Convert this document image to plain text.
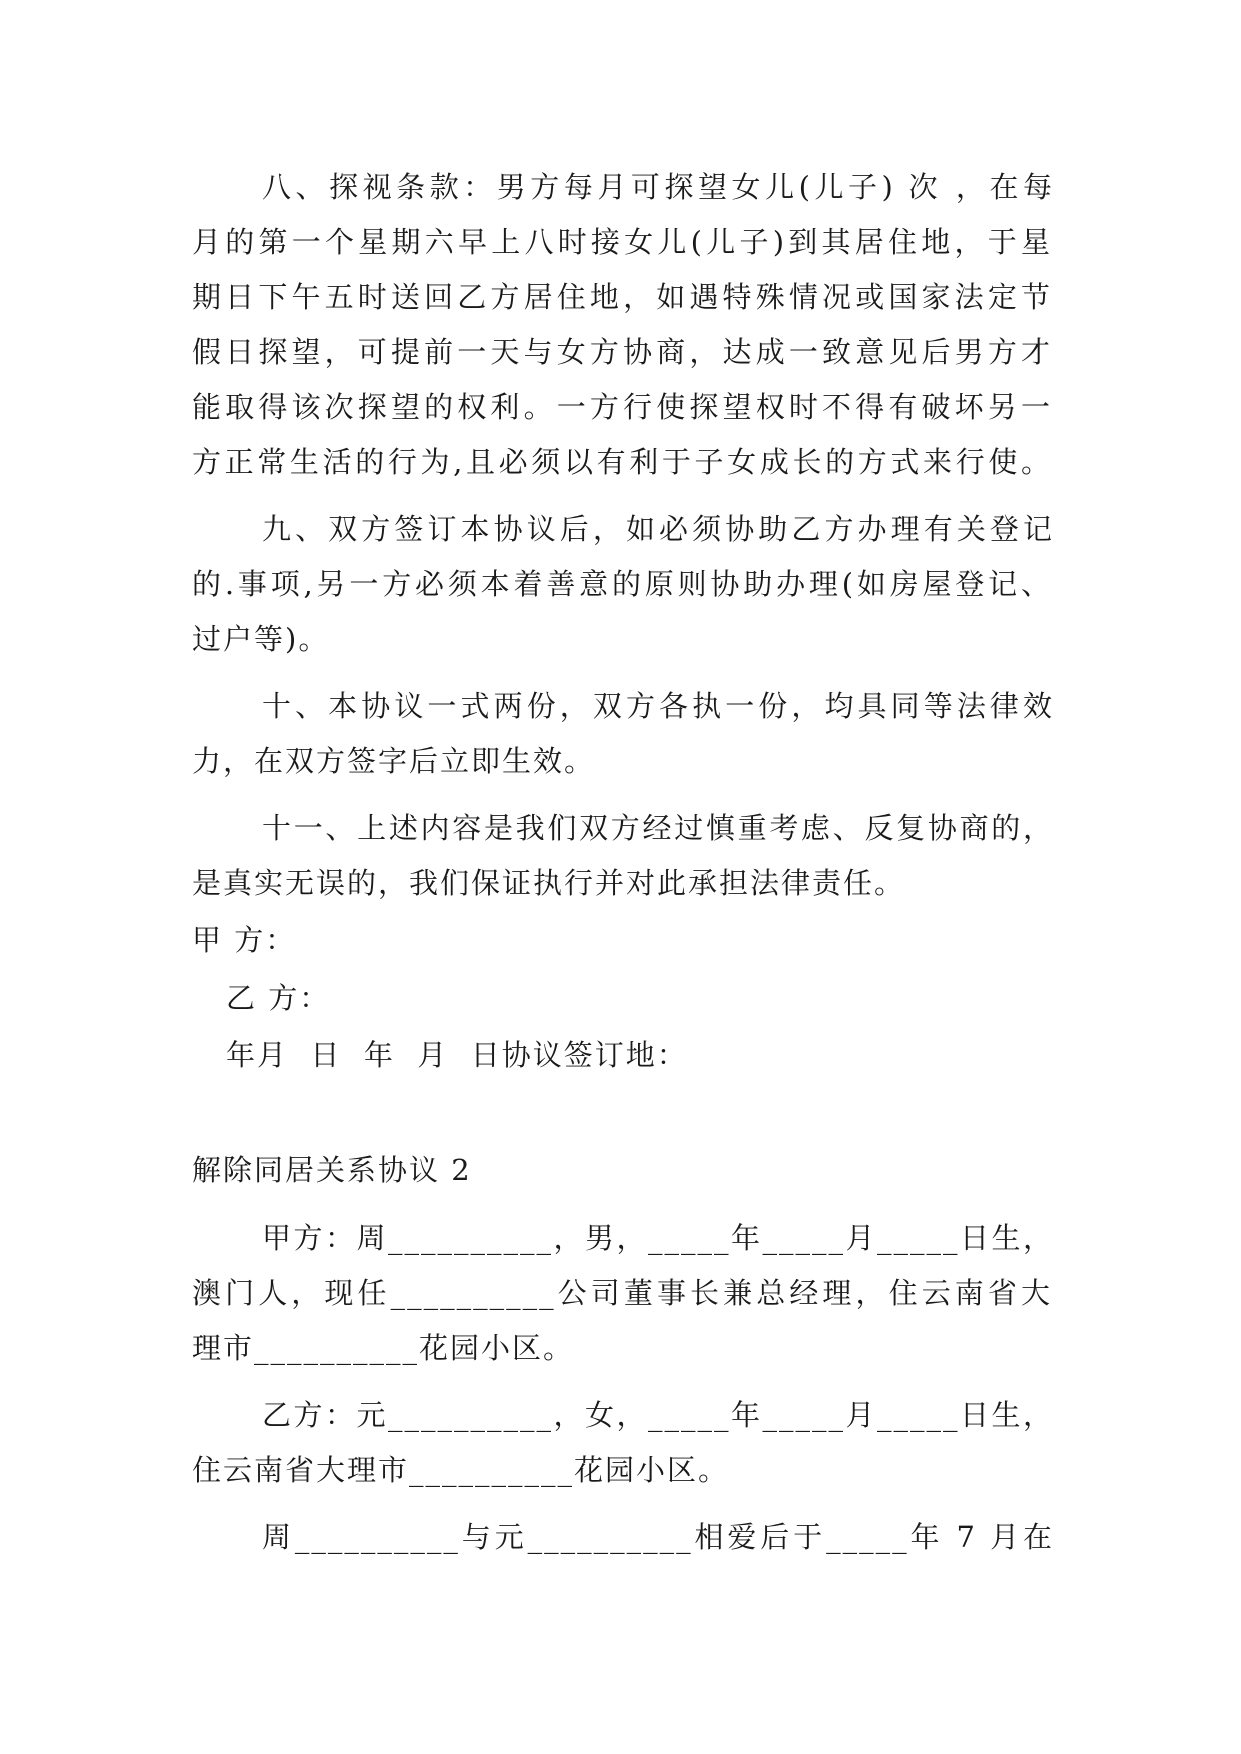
八、探视条款：男方每月可探望女儿(儿子) 次 ，在每
月的第一个星期六早上八时接女儿(儿子)到其居住地，于星
期日下午五时送回乙方居住地，如遇特殊情况或国家法定节
假日探望，可提前一天与女方协商，达成一致意见后男方才
能取得该次探望的权利。一方行使探望权时不得有破坏另一
方正常生活的行为,且必须以有利于子女成长的方式来行使。
九、双方签订本协议后，如必须协助乙方办理有关登记
的.事项,另一方必须本着善意的原则协助办理(如房屋登记、
过户等)。
十、本协议一式两份，双方各执一份，均具同等法律效
力，在双方签字后立即生效。
十一、上述内容是我们双方经过慎重考虑、反复协商的，
是真实无误的，我们保证执行并对此承担法律责任。
甲 方：
乙 方：
年月  日  年  月  日协议签订地：
解除同居关系协议 2
甲方：周__________，男，_____年_____月_____日生，
澳门人，现任__________公司董事长兼总经理，住云南省大
理市__________花园小区。
乙方：元__________，女，_____年_____月_____日生，
住云南省大理市__________花园小区。
周__________与元__________相爱后于_____年 7 月在
